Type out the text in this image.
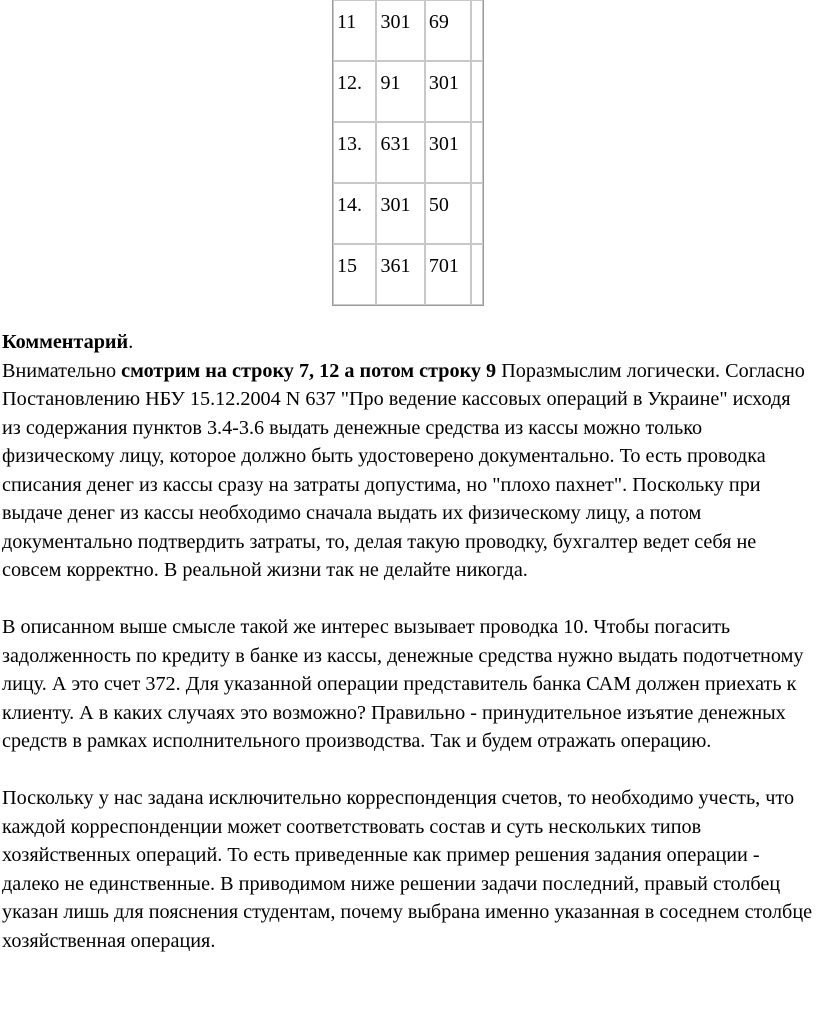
11	301	69	
12.	91	301	
13.	631	301	
14.	301	50	
15	361	701	

Комментарий.

Внимательно смотрим на строку 7, 12 а потом строку 9 Поразмыслим логически. Согласно Постановлению НБУ 15.12.2004 N 637 "Про ведение кассовых операций в Украине" исходя из содержания пунктов 3.4-3.6 выдать денежные средства из кассы можно только физическому лицу, которое должно быть удостоверено документально. То есть проводка списания денег из кассы сразу на затраты допустима, но "плохо пахнет". Поскольку при выдаче денег из кассы необходимо сначала выдать их физическому лицу, а потом документально подтвердить затраты, то, делая такую проводку, бухгалтер ведет себя не совсем корректно. В реальной жизни так не делайте никогда.

В описанном выше смысле такой же интерес вызывает проводка 10. Чтобы погасить задолженность по кредиту в банке из кассы, денежные средства нужно выдать подотчетному лицу. А это счет 372. Для указанной операции представитель банка САМ должен приехать к клиенту. А в каких случаях это возможно? Правильно - принудительное изъятие денежных средств в рамках исполнительного производства. Так и будем отражать операцию.

Поскольку у нас задана исключительно корреспонденция счетов, то необходимо учесть, что каждой корреспонденции может соответствовать состав и суть нескольких типов хозяйственных операций. То есть приведенные как пример решения задания операции - далеко не единственные. В приводимом ниже решении задачи последний, правый столбец указан лишь для пояснения студентам, почему выбрана именно указанная в соседнем столбце хозяйственная операция.
